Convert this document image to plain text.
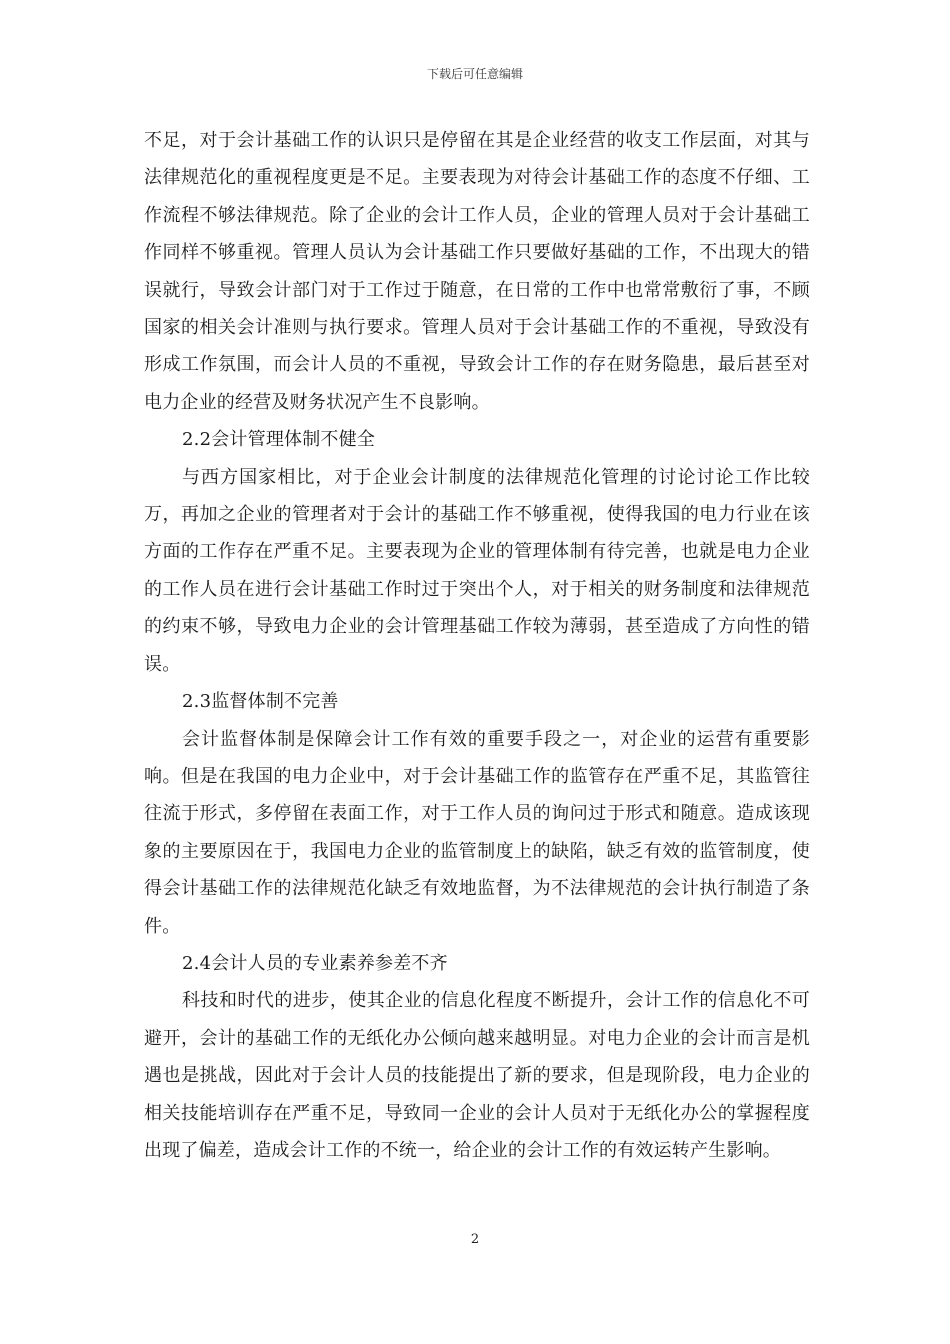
下载后可任意编辑

不足，对于会计基础工作的认识只是停留在其是企业经营的收支工作层面，对其与法律规范化的重视程度更是不足。主要表现为对待会计基础工作的态度不仔细、工作流程不够法律规范。除了企业的会计工作人员，企业的管理人员对于会计基础工作同样不够重视。管理人员认为会计基础工作只要做好基础的工作，不出现大的错误就行，导致会计部门对于工作过于随意，在日常的工作中也常常敷衍了事，不顾国家的相关会计准则与执行要求。管理人员对于会计基础工作的不重视，导致没有形成工作氛围，而会计人员的不重视，导致会计工作的存在财务隐患，最后甚至对电力企业的经营及财务状况产生不良影响。

2.2会计管理体制不健全

与西方国家相比，对于企业会计制度的法律规范化管理的讨论讨论工作比较万，再加之企业的管理者对于会计的基础工作不够重视，使得我国的电力行业在该方面的工作存在严重不足。主要表现为企业的管理体制有待完善，也就是电力企业的工作人员在进行会计基础工作时过于突出个人，对于相关的财务制度和法律规范的约束不够，导致电力企业的会计管理基础工作较为薄弱，甚至造成了方向性的错误。

2.3监督体制不完善

会计监督体制是保障会计工作有效的重要手段之一，对企业的运营有重要影响。但是在我国的电力企业中，对于会计基础工作的监管存在严重不足，其监管往往流于形式，多停留在表面工作，对于工作人员的询问过于形式和随意。造成该现象的主要原因在于，我国电力企业的监管制度上的缺陷，缺乏有效的监管制度，使得会计基础工作的法律规范化缺乏有效地监督，为不法律规范的会计执行制造了条件。

2.4会计人员的专业素养参差不齐

科技和时代的进步，使其企业的信息化程度不断提升，会计工作的信息化不可避开，会计的基础工作的无纸化办公倾向越来越明显。对电力企业的会计而言是机遇也是挑战，因此对于会计人员的技能提出了新的要求，但是现阶段，电力企业的相关技能培训存在严重不足，导致同一企业的会计人员对于无纸化办公的掌握程度出现了偏差，造成会计工作的不统一，给企业的会计工作的有效运转产生影响。

2
